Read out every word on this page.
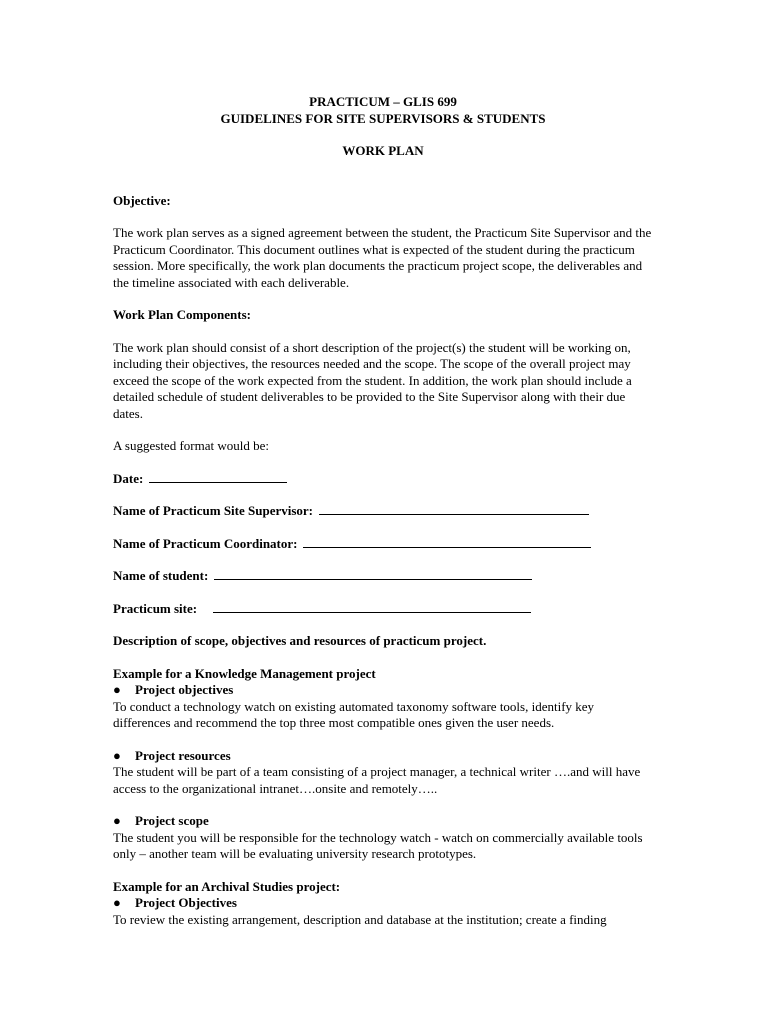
PRACTICUM – GLIS 699
GUIDELINES FOR SITE SUPERVISORS & STUDENTS
WORK PLAN
Objective:

The work plan serves as a signed agreement between the student, the Practicum Site Supervisor and the Practicum Coordinator. This document outlines what is expected of the student during the practicum session. More specifically, the work plan documents the practicum project scope, the deliverables and the timeline associated with each deliverable.

Work Plan Components:

The work plan should consist of a short description of the project(s) the student will be working on, including their objectives, the resources needed and the scope. The scope of the overall project may exceed the scope of the work expected from the student. In addition, the work plan should include a detailed schedule of student deliverables to be provided to the Site Supervisor along with their due dates.

A suggested format would be:

Date:
Name of Practicum Site Supervisor:
Name of Practicum Coordinator:
Name of student:
Practicum site:
Description of scope, objectives and resources of practicum project.
Example for a Knowledge Management project
●	Project objectives

To conduct a technology watch on existing automated taxonomy software tools, identify key differences and recommend the top three most compatible ones given the user needs.

●	Project resources

The student will be part of a team consisting of a project manager, a technical writer ….and will have access to the organizational intranet….onsite and remotely…..

●	Project scope

The student you will be responsible for the technology watch - watch on commercially available tools only – another team will be evaluating university research prototypes.

Example for an Archival Studies project:
●	Project Objectives

To review the existing arrangement, description and database at the institution; create a finding
